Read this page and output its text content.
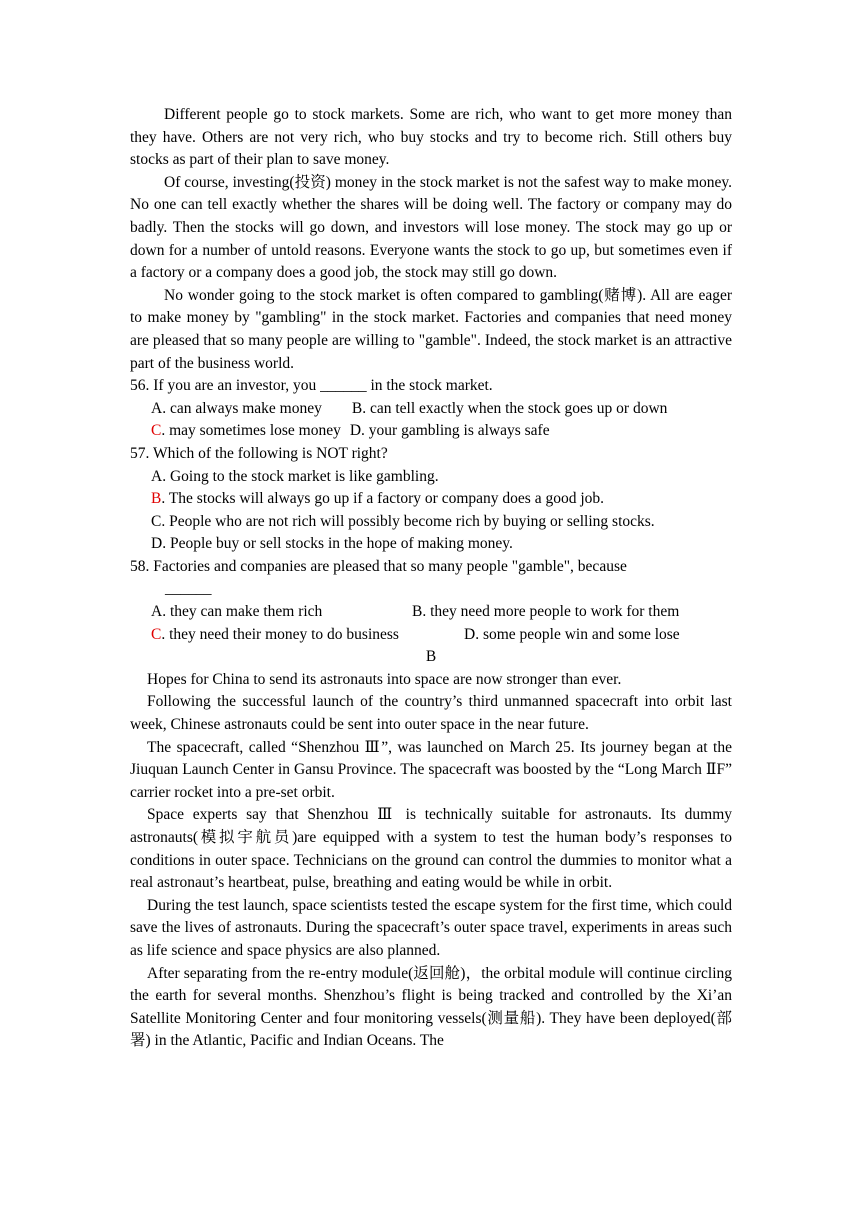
Different people go to stock markets. Some are rich, who want to get more money than they have. Others are not very rich, who buy stocks and try to become rich. Still others buy stocks as part of their plan to save money.

Of course, investing(投资) money in the stock market is not the safest way to make money. No one can tell exactly whether the shares will be doing well. The factory or company may do badly. Then the stocks will go down, and investors will lose money. The stock may go up or down for a number of untold reasons. Everyone wants the stock to go up, but sometimes even if a factory or a company does a good job, the stock may still go down.

No wonder going to the stock market is often compared to gambling(赌博). All are eager to make money by "gambling" in the stock market. Factories and companies that need money are pleased that so many people are willing to "gamble". Indeed, the stock market is an attractive part of the business world.

56. If you are an investor, you ______ in the stock market.

A. can always make money B. can tell exactly when the stock goes up or down
C. may sometimes lose money D. your gambling is always safe

57. Which of the following is NOT right?

A. Going to the stock market is like gambling.

B. The stocks will always go up if a factory or company does a good job.

C. People who are not rich will possibly become rich by buying or selling stocks.

D. People buy or sell stocks in the hope of making money.

58. Factories and companies are pleased that so many people "gamble", because

______

A. they can make them rich	B. they need more people to work for them
C. they need their money to do business	D. some people win and some lose

B

Hopes for China to send its astronauts into space are now stronger than ever.

Following the successful launch of the country’s third unmanned spacecraft into orbit last week, Chinese astronauts could be sent into outer space in the near future.

The spacecraft, called “Shenzhou Ⅲ”, was launched on March 25. Its journey began at the Jiuquan Launch Center in Gansu Province. The spacecraft was boosted by the “Long March ⅡF” carrier rocket into a pre-set orbit.

Space experts say that Shenzhou Ⅲ is technically suitable for astronauts. Its dummy astronauts(模拟宇航员)are equipped with a system to test the human body’s responses to conditions in outer space. Technicians on the ground can control the dummies to monitor what a real astronaut’s heartbeat, pulse, breathing and eating would be while in orbit.

During the test launch, space scientists tested the escape system for the first time, which could save the lives of astronauts. During the spacecraft’s outer space travel, experiments in areas such as life science and space physics are also planned.

After separating from the re-entry module(返回舱)，the orbital module will continue circling the earth for several months. Shenzhou’s flight is being tracked and controlled by the Xi’an Satellite Monitoring Center and four monitoring vessels(测量船). They have been deployed(部署) in the Atlantic, Pacific and Indian Oceans. The
